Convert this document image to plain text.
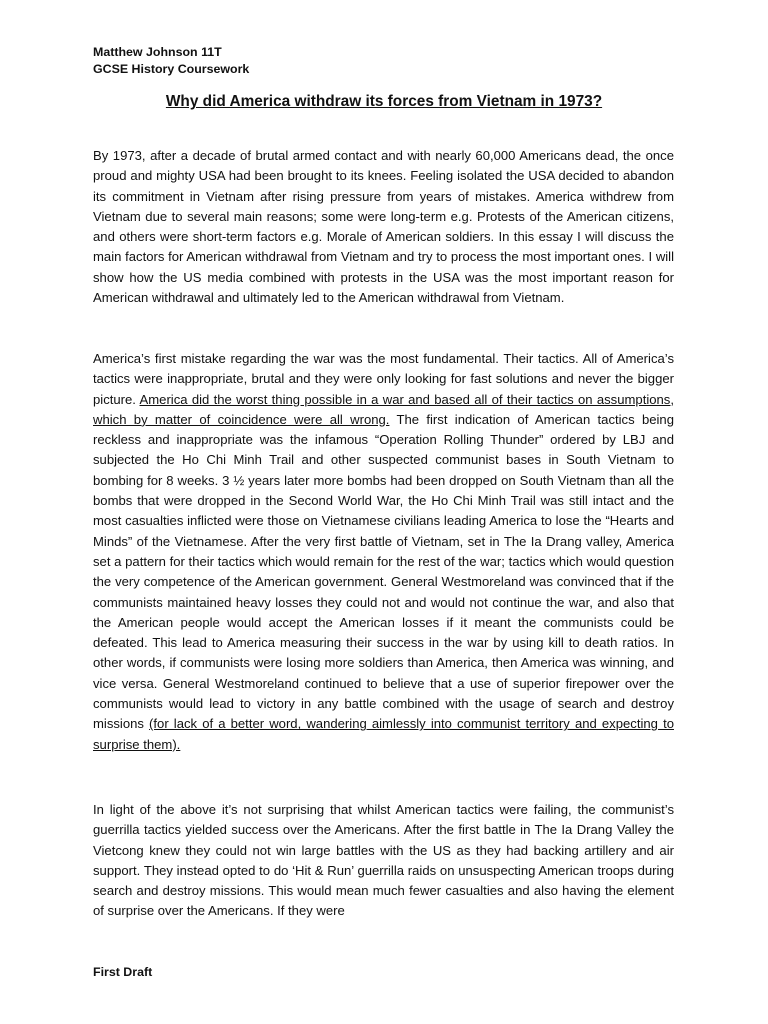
Matthew Johnson 11T
GCSE History Coursework
Why did America withdraw its forces from Vietnam in 1973?

By 1973, after a decade of brutal armed contact and with nearly 60,000 Americans dead, the once proud and mighty USA had been brought to its knees. Feeling isolated the USA decided to abandon its commitment in Vietnam after rising pressure from years of mistakes. America withdrew from Vietnam due to several main reasons; some were long-term e.g. Protests of the American citizens, and others were short-term factors e.g. Morale of American soldiers. In this essay I will discuss the main factors for American withdrawal from Vietnam and try to process the most important ones. I will show how the US media combined with protests in the USA was the most important reason for American withdrawal and ultimately led to the American withdrawal from Vietnam.

America’s first mistake regarding the war was the most fundamental. Their tactics. All of America’s tactics were inappropriate, brutal and they were only looking for fast solutions and never the bigger picture. America did the worst thing possible in a war and based all of their tactics on assumptions, which by matter of coincidence were all wrong. The first indication of American tactics being reckless and inappropriate was the infamous “Operation Rolling Thunder” ordered by LBJ and subjected the Ho Chi Minh Trail and other suspected communist bases in South Vietnam to bombing for 8 weeks. 3 ½ years later more bombs had been dropped on South Vietnam than all the bombs that were dropped in the Second World War, the Ho Chi Minh Trail was still intact and the most casualties inflicted were those on Vietnamese civilians leading America to lose the “Hearts and Minds” of the Vietnamese. After the very first battle of Vietnam, set in The Ia Drang valley, America set a pattern for their tactics which would remain for the rest of the war; tactics which would question the very competence of the American government. General Westmoreland was convinced that if the communists maintained heavy losses they could not and would not continue the war, and also that the American people would accept the American losses if it meant the communists could be defeated. This lead to America measuring their success in the war by using kill to death ratios. In other words, if communists were losing more soldiers than America, then America was winning, and vice versa. General Westmoreland continued to believe that a use of superior firepower over the communists would lead to victory in any battle combined with the usage of search and destroy missions (for lack of a better word, wandering aimlessly into communist territory and expecting to surprise them).

In light of the above it’s not surprising that whilst American tactics were failing, the communist’s guerrilla tactics yielded success over the Americans. After the first battle in The Ia Drang Valley the Vietcong knew they could not win large battles with the US as they had backing artillery and air support. They instead opted to do ‘Hit & Run’ guerrilla raids on unsuspecting American troops during search and destroy missions. This would mean much fewer casualties and also having the element of surprise over the Americans. If they were

First Draft
